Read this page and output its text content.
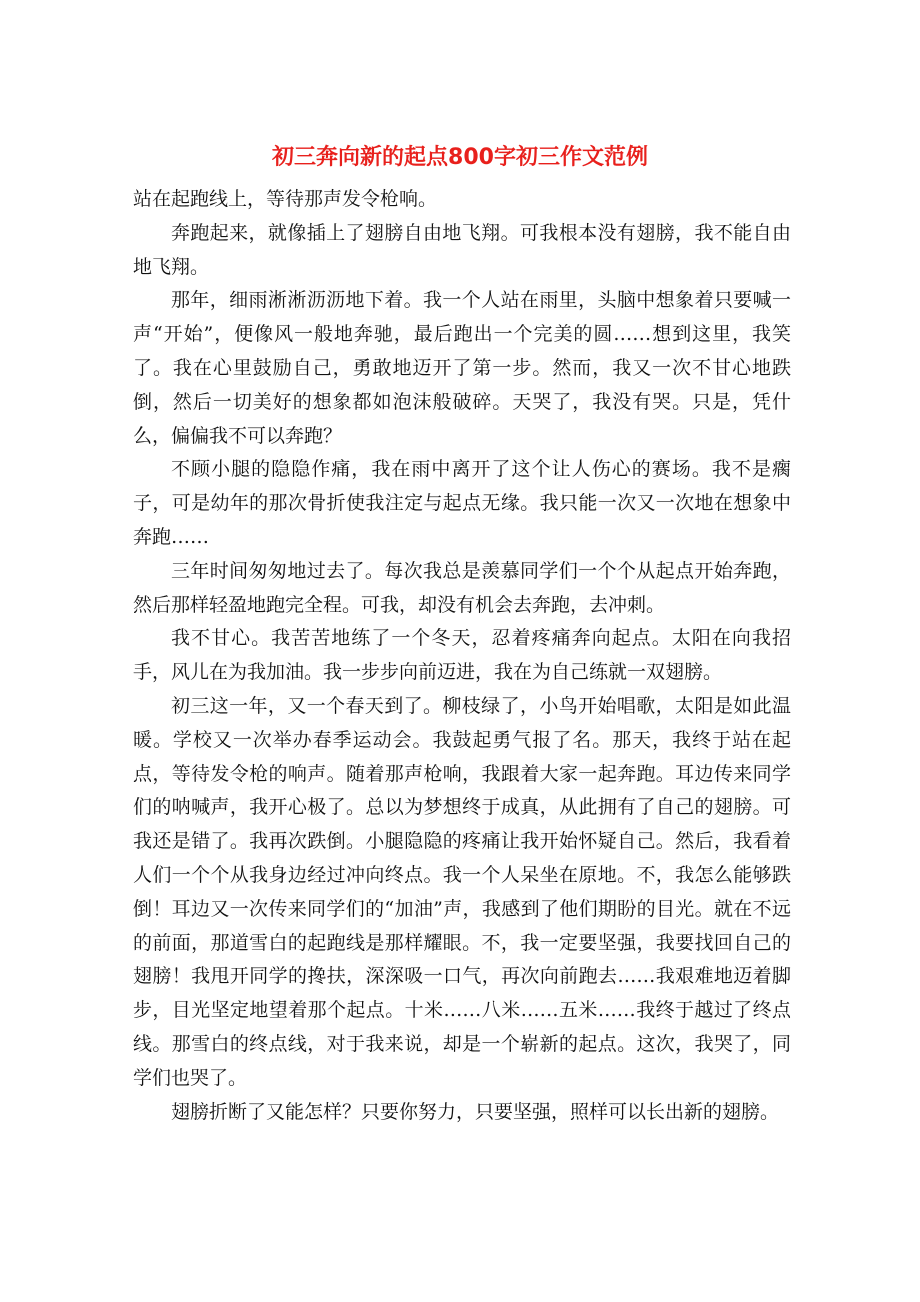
初三奔向新的起点800字初三作文范例

站在起跑线上，等待那声发令枪响。

奔跑起来，就像插上了翅膀自由地飞翔。可我根本没有翅膀，我不能自由地飞翔。

那年，细雨淅淅沥沥地下着。我一个人站在雨里，头脑中想象着只要喊一声“开始”，便像风一般地奔驰，最后跑出一个完美的圆……想到这里，我笑了。我在心里鼓励自己，勇敢地迈开了第一步。然而，我又一次不甘心地跌倒，然后一切美好的想象都如泡沫般破碎。天哭了，我没有哭。只是，凭什么，偏偏我不可以奔跑？

不顾小腿的隐隐作痛，我在雨中离开了这个让人伤心的赛场。我不是瘸子，可是幼年的那次骨折使我注定与起点无缘。我只能一次又一次地在想象中奔跑……

三年时间匆匆地过去了。每次我总是羡慕同学们一个个从起点开始奔跑，然后那样轻盈地跑完全程。可我，却没有机会去奔跑，去冲刺。

我不甘心。我苦苦地练了一个冬天，忍着疼痛奔向起点。太阳在向我招手，风儿在为我加油。我一步步向前迈进，我在为自己练就一双翅膀。

初三这一年，又一个春天到了。柳枝绿了，小鸟开始唱歌，太阳是如此温暖。学校又一次举办春季运动会。我鼓起勇气报了名。那天，我终于站在起点，等待发令枪的响声。随着那声枪响，我跟着大家一起奔跑。耳边传来同学们的呐喊声，我开心极了。总以为梦想终于成真，从此拥有了自己的翅膀。可我还是错了。我再次跌倒。小腿隐隐的疼痛让我开始怀疑自己。然后，我看着人们一个个从我身边经过冲向终点。我一个人呆坐在原地。不，我怎么能够跌倒！耳边又一次传来同学们的“加油”声，我感到了他们期盼的目光。就在不远的前面，那道雪白的起跑线是那样耀眼。不，我一定要坚强，我要找回自己的翅膀！我甩开同学的搀扶，深深吸一口气，再次向前跑去……我艰难地迈着脚步，目光坚定地望着那个起点。十米……八米……五米……我终于越过了终点线。那雪白的终点线，对于我来说，却是一个崭新的起点。这次，我哭了，同学们也哭了。

翅膀折断了又能怎样？只要你努力，只要坚强，照样可以长出新的翅膀。
